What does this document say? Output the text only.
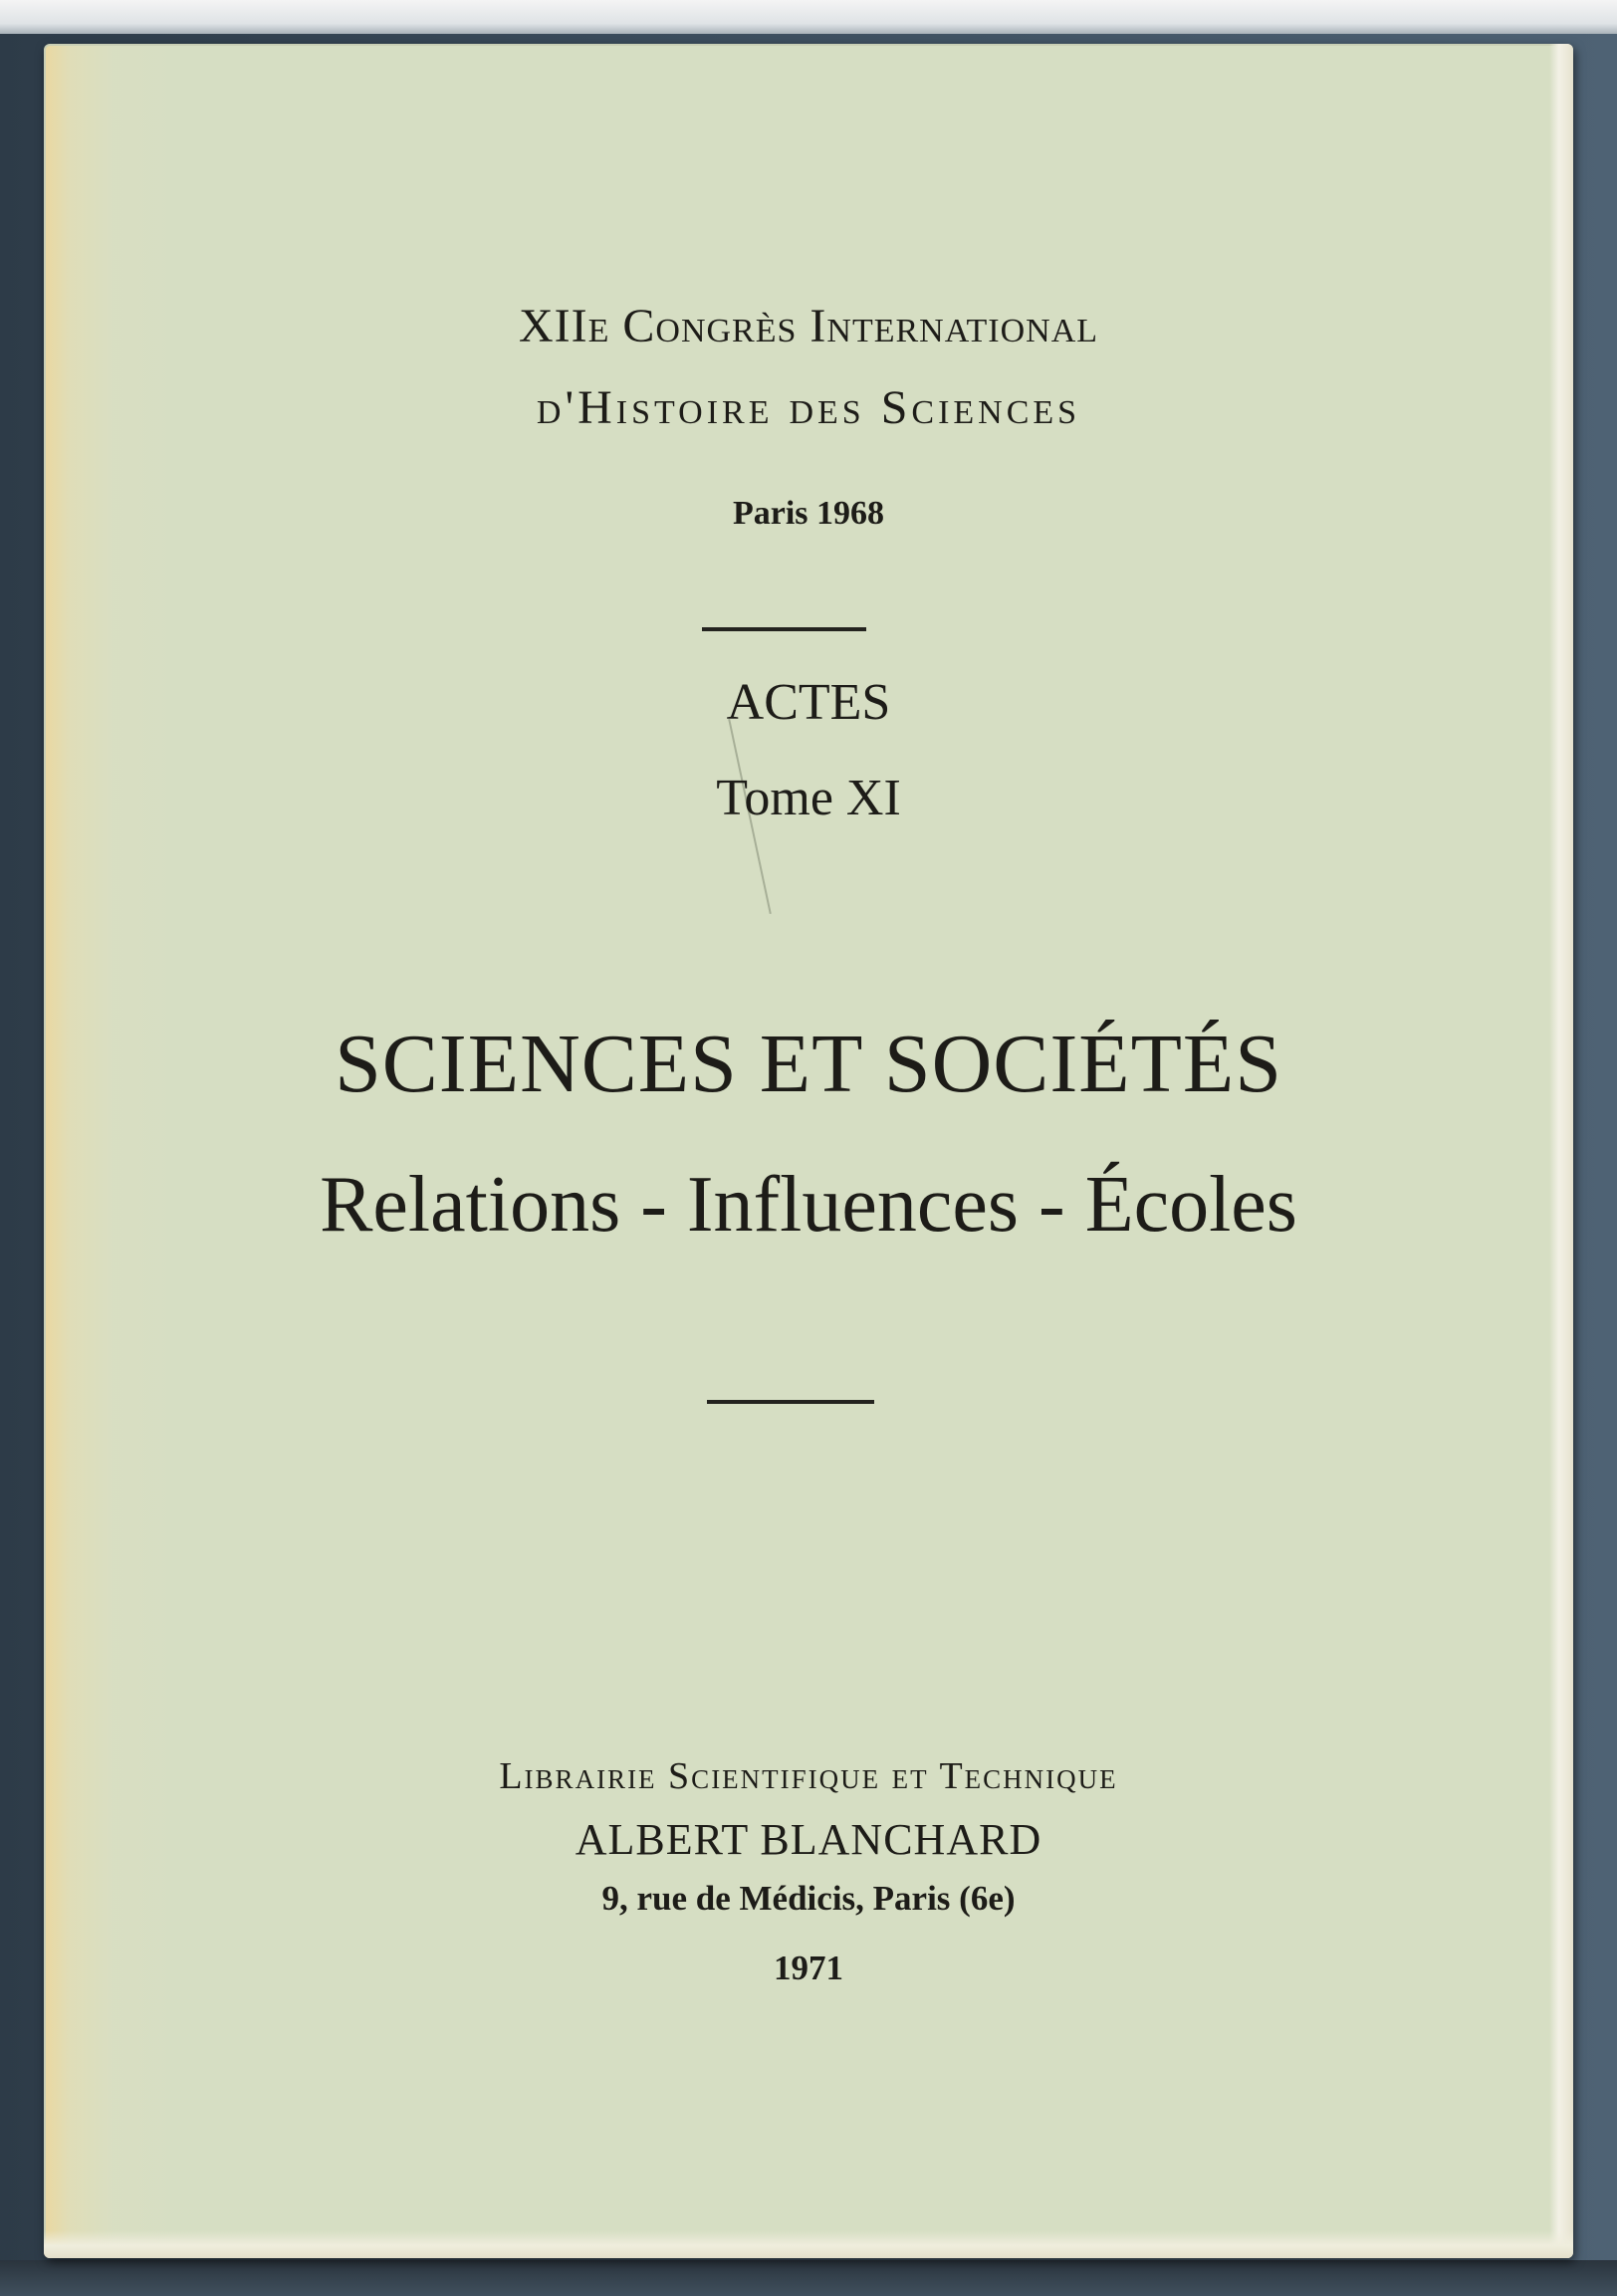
XIIe Congrès International
d'Histoire des Sciences
Paris 1968
ACTES
Tome XI
SCIENCES ET SOCIÉTÉS
Relations - Influences - Écoles
Librairie Scientifique et Technique
ALBERT BLANCHARD
9, rue de Médicis, Paris (6e)
1971
